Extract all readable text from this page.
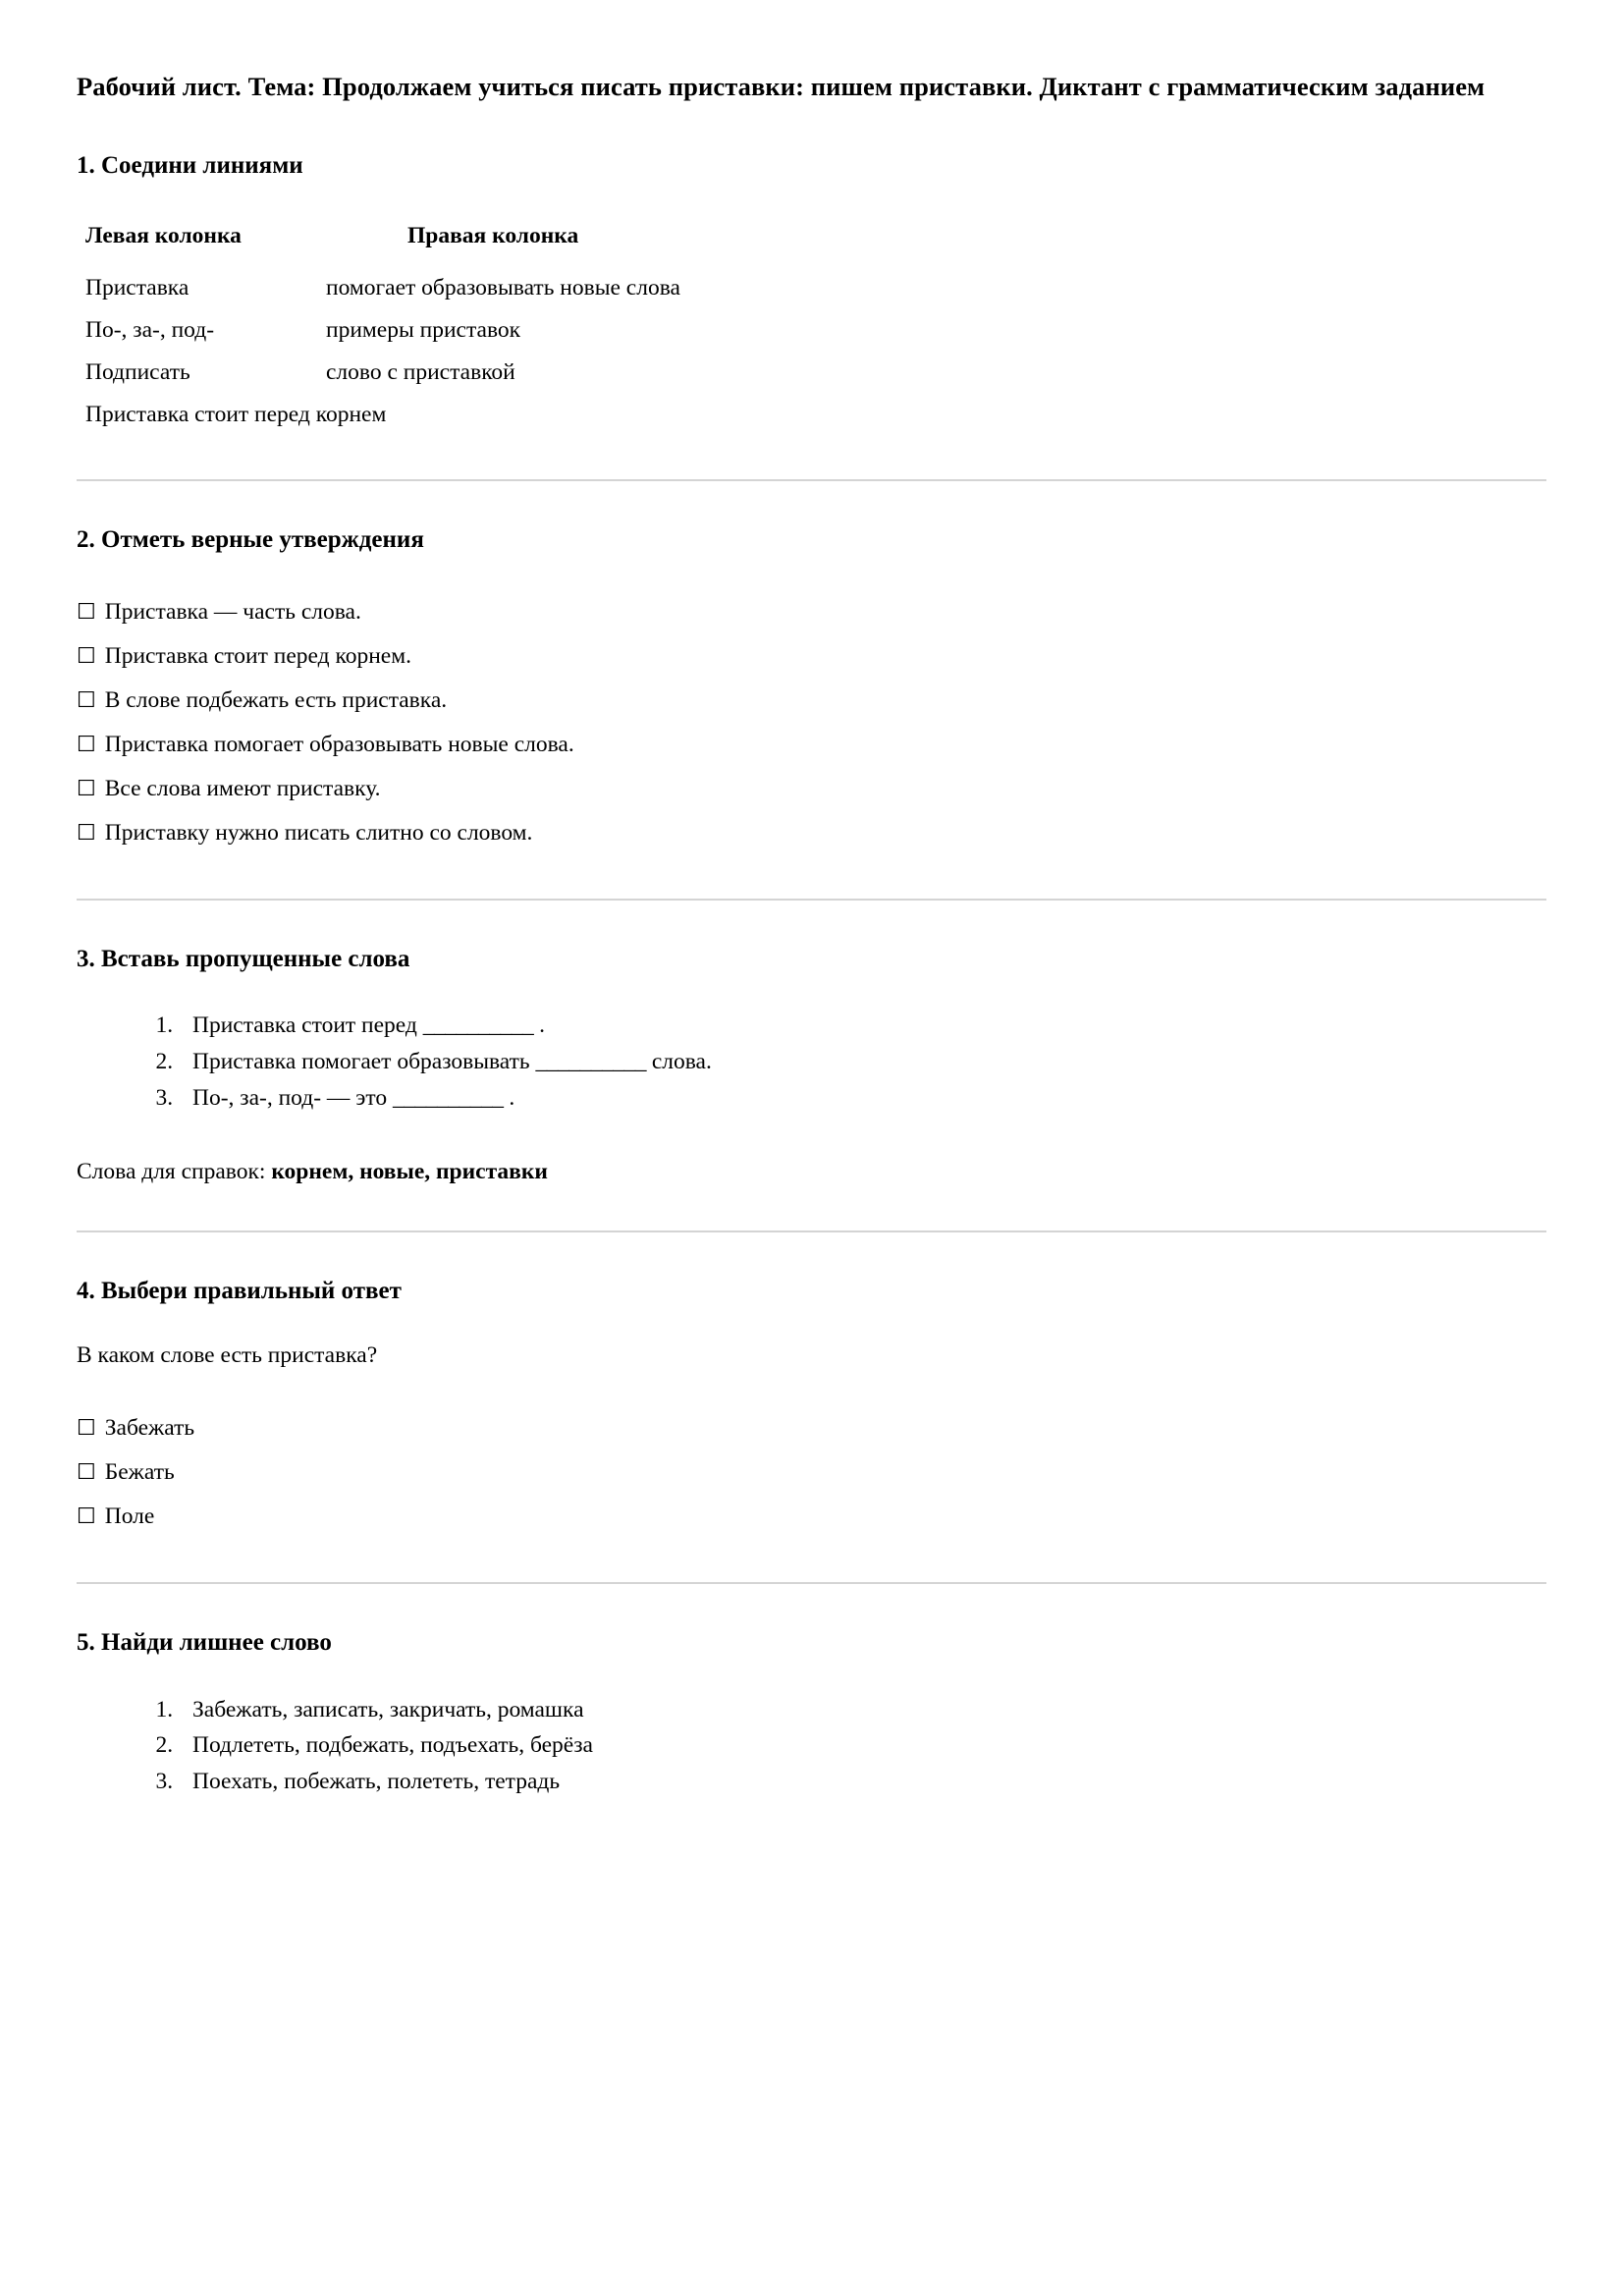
Рабочий лист. Тема: Продолжаем учиться писать приставки: пишем приставки. Диктант с грамматическим заданием
1. Соедини линиями
Левая колонка	Правая колонка
Приставка	помогает образовывать новые слова
По-, за-, под-	примеры приставок
Подписать	слово с приставкой
Приставка стоит перед корнем	
2. Отметь верные утверждения
☐ Приставка — часть слова.
☐ Приставка стоит перед корнем.
☐ В слове подбежать есть приставка.
☐ Приставка помогает образовывать новые слова.
☐ Все слова имеют приставку.
☐ Приставку нужно писать слитно со словом.
3. Вставь пропущенные слова
1. Приставка стоит перед __________ .
2. Приставка помогает образовывать __________ слова.
3. По-, за-, под- — это __________ .

Слова для справок: корнем, новые, приставки

4. Выбери правильный ответ

В каком слове есть приставка?

☐ Забежать
☐ Бежать
☐ Поле
5. Найди лишнее слово
1. Забежать, записать, закричать, ромашка
2. Подлететь, подбежать, подъехать, берёза
3. Поехать, побежать, полететь, тетрадь
